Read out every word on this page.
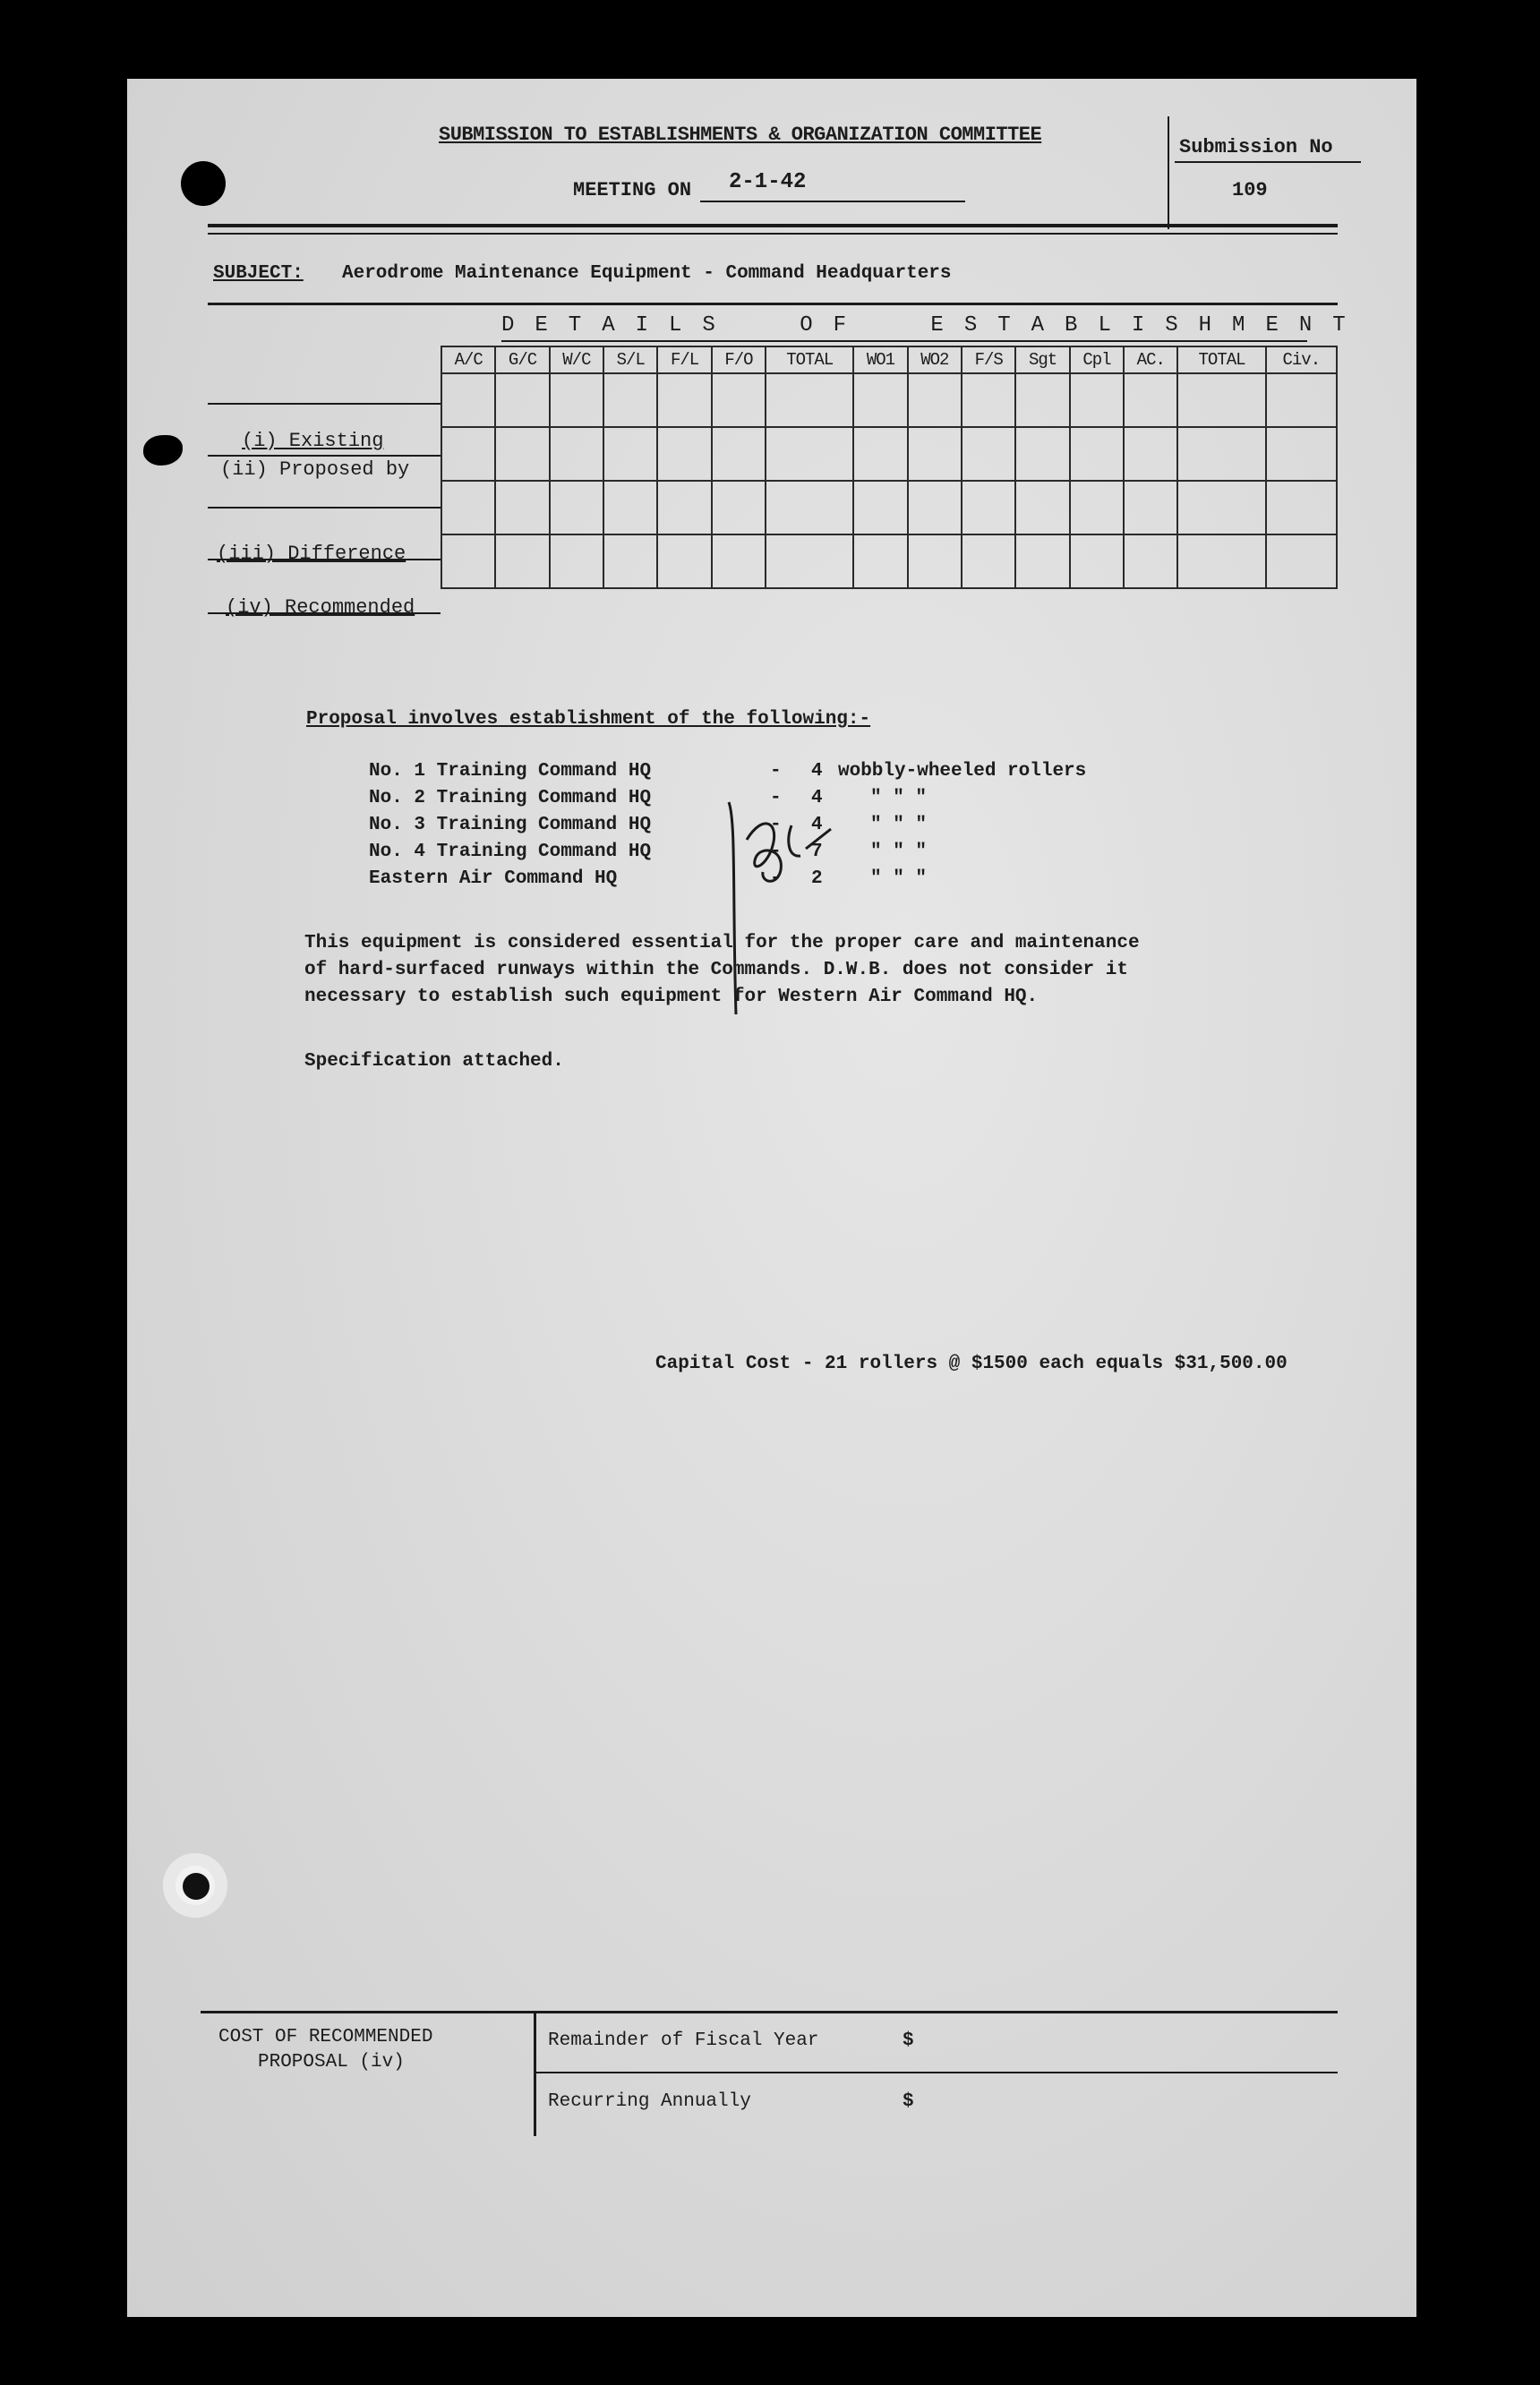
SUBMISSION TO ESTABLISHMENTS & ORGANIZATION COMMITTEE
MEETING ON 2-1-42
Submission No
109
SUBJECT: Aerodrome Maintenance Equipment - Command Headquarters
DETAILS OF ESTABLISHMENT
A/C	G/C	W/C	S/L	F/L	F/O	TOTAL	WO1	WO2	F/S	Sgt	Cpl	AC.	TOTAL	Civ.

(i) Existing
(ii) Proposed by
(iii) Difference
(iv) Recommended
Proposal involves establishment of the following:-
No. 1 Training Command HQ	- 4 wobbly-wheeled rollers
No. 2 Training Command HQ	- 4	" " "
No. 3 Training Command HQ	- 4	" " "
No. 4 Training Command HQ	- 7	" " "
Eastern Air Command HQ	- 2	" " "
This equipment is considered essential for the proper care and maintenance
of hard-surfaced runways within the Commands. D.W.B. does not consider it
necessary to establish such equipment for Western Air Command HQ.
Specification attached.
Capital Cost - 21 rollers @ $1500 each equals $31,500.00
COST OF RECOMMENDED
PROPOSAL (iv)
Remainder of Fiscal Year	$
Recurring Annually	$
